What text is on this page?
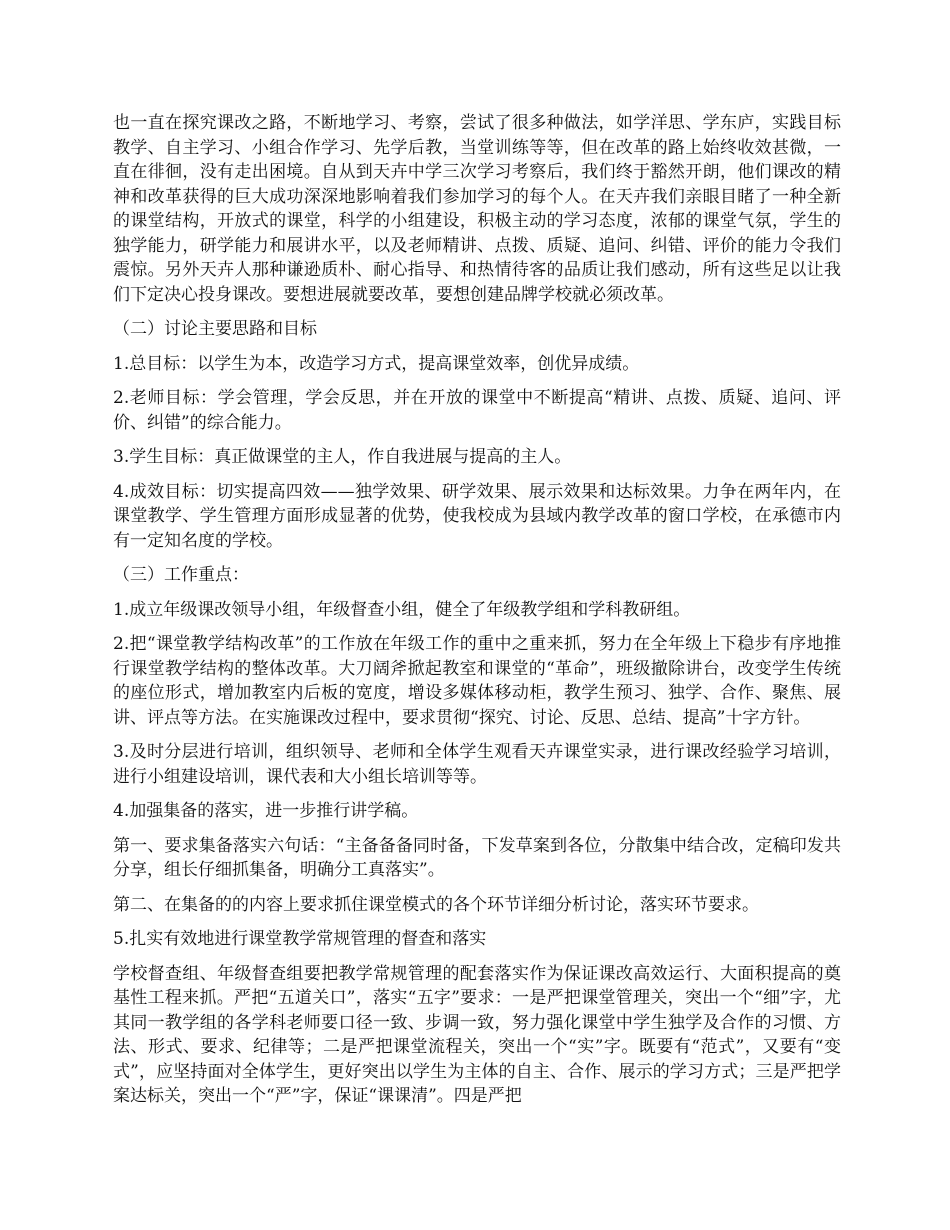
也一直在探究课改之路，不断地学习、考察，尝试了很多种做法，如学洋思、学东庐，实践目标教学、自主学习、小组合作学习、先学后教，当堂训练等等，但在改革的路上始终收效甚微，一直在徘徊，没有走出困境。自从到天卉中学三次学习考察后，我们终于豁然开朗，他们课改的精神和改革获得的巨大成功深深地影响着我们参加学习的每个人。在天卉我们亲眼目睹了一种全新的课堂结构，开放式的课堂，科学的小组建设，积极主动的学习态度，浓郁的课堂气氛，学生的独学能力，研学能力和展讲水平，以及老师精讲、点拨、质疑、追问、纠错、评价的能力令我们震惊。另外天卉人那种谦逊质朴、耐心指导、和热情待客的品质让我们感动，所有这些足以让我们下定决心投身课改。要想进展就要改革，要想创建品牌学校就必须改革。

（二）讨论主要思路和目标

1.总目标：以学生为本，改造学习方式，提高课堂效率，创优异成绩。

2.老师目标：学会管理，学会反思，并在开放的课堂中不断提高“精讲、点拨、质疑、追问、评价、纠错”的综合能力。

3.学生目标：真正做课堂的主人，作自我进展与提高的主人。

4.成效目标：切实提高四效——独学效果、研学效果、展示效果和达标效果。力争在两年内，在课堂教学、学生管理方面形成显著的优势，使我校成为县域内教学改革的窗口学校，在承德市内有一定知名度的学校。

（三）工作重点：

1.成立年级课改领导小组，年级督查小组，健全了年级教学组和学科教研组。

2.把“课堂教学结构改革”的工作放在年级工作的重中之重来抓，努力在全年级上下稳步有序地推行课堂教学结构的整体改革。大刀阔斧掀起教室和课堂的“革命”，班级撤除讲台，改变学生传统的座位形式，增加教室内后板的宽度，增设多媒体移动柜，教学生预习、独学、合作、聚焦、展讲、评点等方法。在实施课改过程中，要求贯彻“探究、讨论、反思、总结、提高”十字方针。

3.及时分层进行培训，组织领导、老师和全体学生观看天卉课堂实录，进行课改经验学习培训，进行小组建设培训，课代表和大小组长培训等等。

4.加强集备的落实，进一步推行讲学稿。

第一、要求集备落实六句话：“主备备备同时备，下发草案到各位，分散集中结合改，定稿印发共分享，组长仔细抓集备，明确分工真落实”。

第二、在集备的的内容上要求抓住课堂模式的各个环节详细分析讨论，落实环节要求。

5.扎实有效地进行课堂教学常规管理的督查和落实

学校督查组、年级督查组要把教学常规管理的配套落实作为保证课改高效运行、大面积提高的奠基性工程来抓。严把“五道关口”，落实“五字”要求：一是严把课堂管理关，突出一个“细”字，尤其同一教学组的各学科老师要口径一致、步调一致，努力强化课堂中学生独学及合作的习惯、方法、形式、要求、纪律等；二是严把课堂流程关，突出一个“实”字。既要有“范式”，又要有“变式”，应坚持面对全体学生，更好突出以学生为主体的自主、合作、展示的学习方式；三是严把学案达标关，突出一个“严”字，保证“课课清”。四是严把
